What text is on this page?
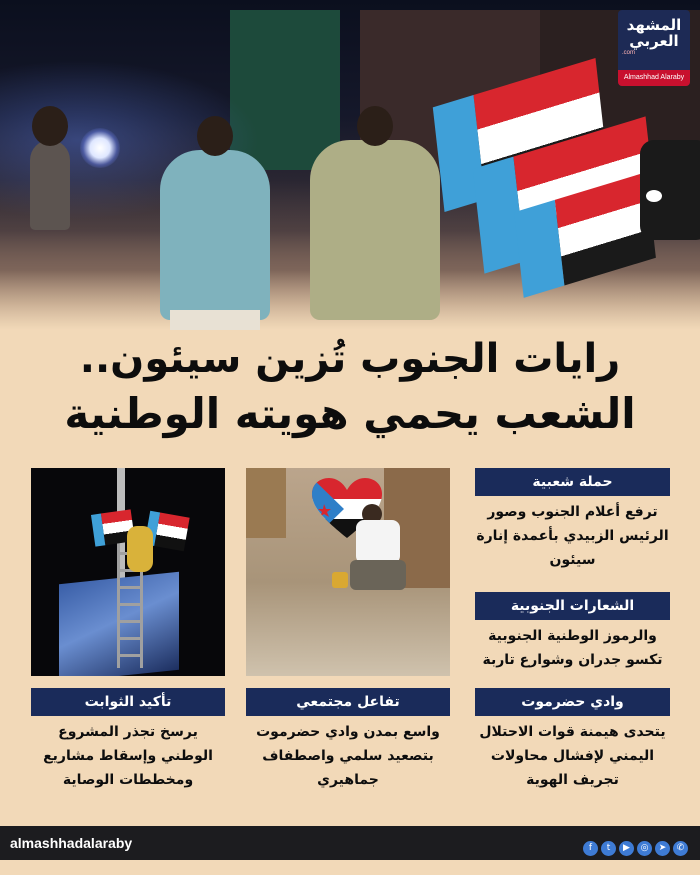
المشهد
العربي
.com
Almashhad Alaraby
رايات الجنوب تُزين سيئون..
الشعب يحمي هويته الوطنية
حملة شعبية
ترفع أعلام الجنوب وصور الرئيس الزبيدي بأعمدة إنارة سيئون
الشعارات الجنوبية
والرموز الوطنية الجنوبية تكسو جدران وشوارع تاربة
وادي حضرموت
يتحدى هيمنة قوات الاحتلال اليمني لإفشال محاولات تجريف الهوية
تفاعل مجتمعي
واسع بمدن وادي حضرموت بتصعيد سلمي واصطفاف جماهيري
تأكيد الثوابت
يرسخ تجذر المشروع الوطني وإسقاط مشاريع ومخططات الوصاية
almashhadalaraby	f t ▶ ◎ ➤ ✆
